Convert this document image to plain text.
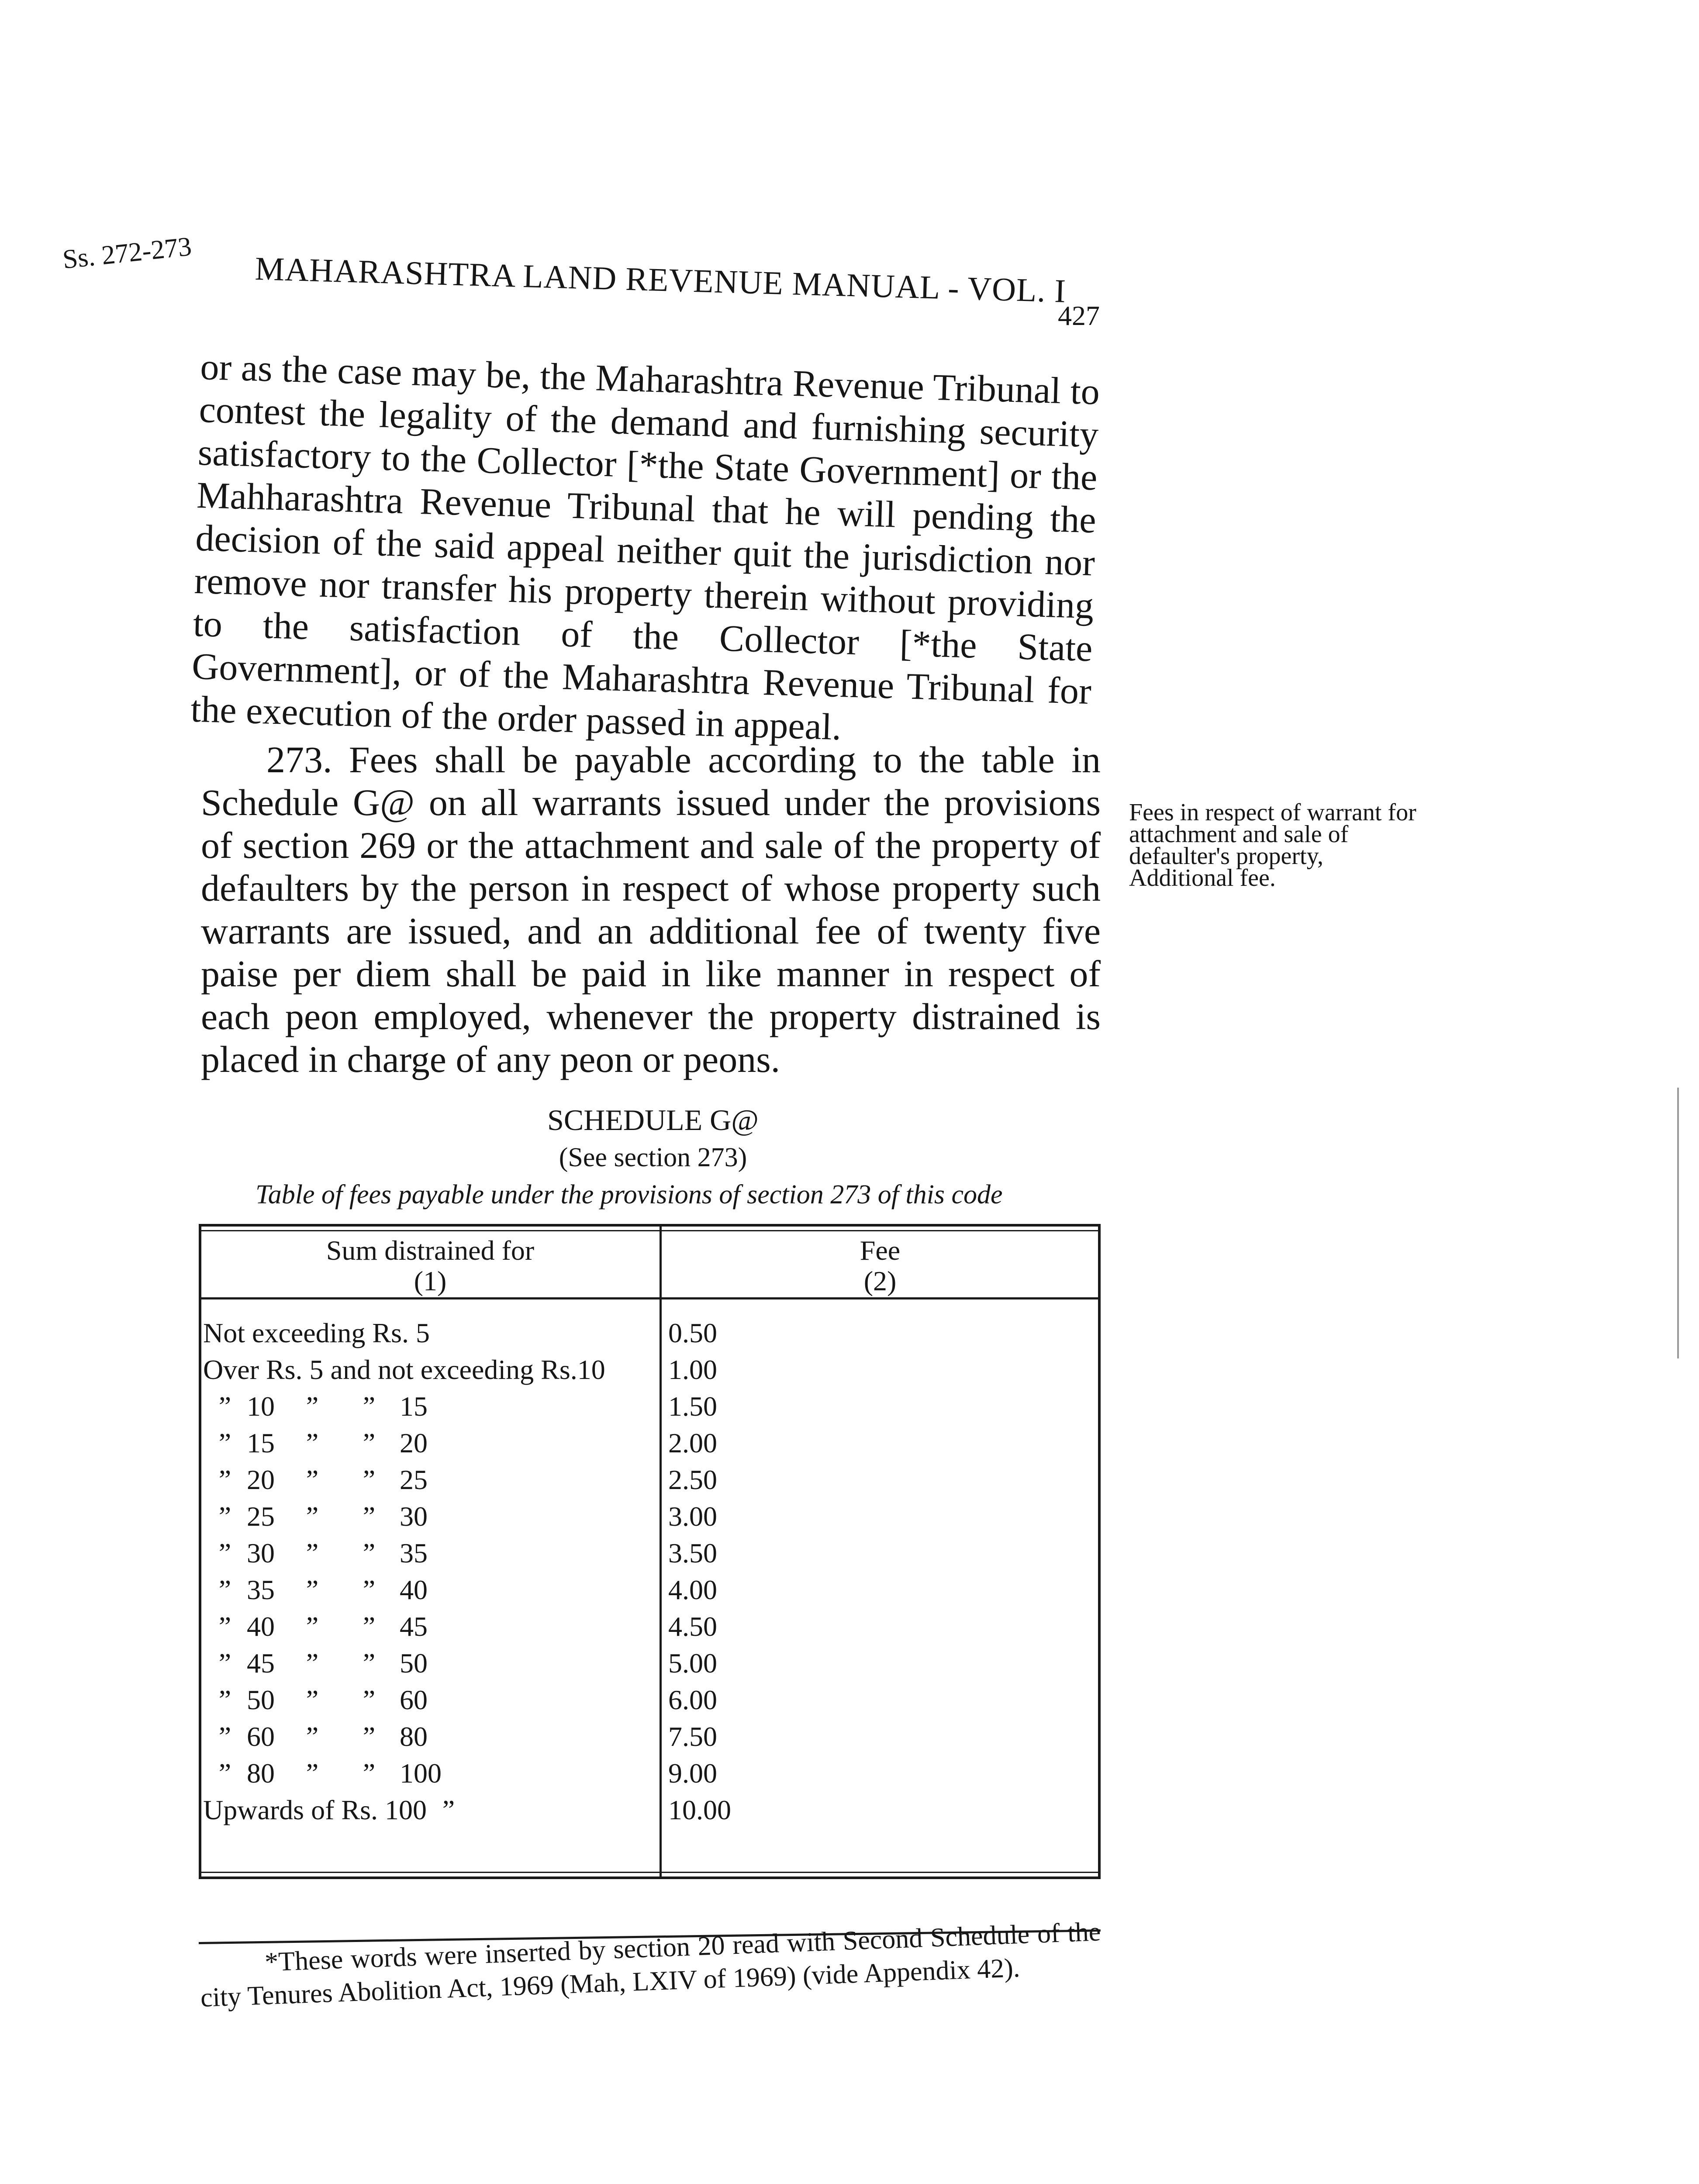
Ss. 272-273 MAHARASHTRA LAND REVENUE MANUAL - VOL. I
427

or as the case may be, the Maharashtra Revenue Tribunal to contest the legality of the demand and furnishing security satisfactory to the Collector [*the State Government] or the Mahharashtra Revenue Tribunal that he will pending the decision of the said appeal neither quit the jurisdiction nor remove nor transfer his property therein without providing to the satisfaction of the Collector [*the State Government], or of the Maharashtra Revenue Tribunal for the execution of the order passed in appeal.

273. Fees shall be payable according to the table in Schedule G@ on all warrants issued under the provisions of section 269 or the attachment and sale of the property of defaulters by the person in respect of whose property such warrants are issued, and an additional fee of twenty five paise per diem shall be paid in like manner in respect of each peon employed, whenever the property distrained is placed in charge of any peon or peons.

Fees in respect of warrant for attachment and sale of defaulter's property, Additional fee.
SCHEDULE G@
(See section 273)
Table of fees payable under the provisions of section 273 of this code
Sum distrained for
(1)
Fee
(2)
Not exceeding Rs. 5
Over Rs. 5 and not exceeding Rs.10
” 10 ” ” 15
” 15 ” ” 20
” 20 ” ” 25
” 25 ” ” 30
” 30 ” ” 35
” 35 ” ” 40
” 40 ” ” 45
” 45 ” ” 50
” 50 ” ” 60
” 60 ” ” 80
” 80 ” ” 100
Upwards of Rs. 100 ”
0.50
1.00
1.50
2.00
2.50
3.00
3.50
4.00
4.50
5.00
6.00
7.50
9.00
10.00

*These words were inserted by section 20 read with Second Schedule of the city Tenures Abolition Act, 1969 (Mah, LXIV of 1969) (vide Appendix 42).
